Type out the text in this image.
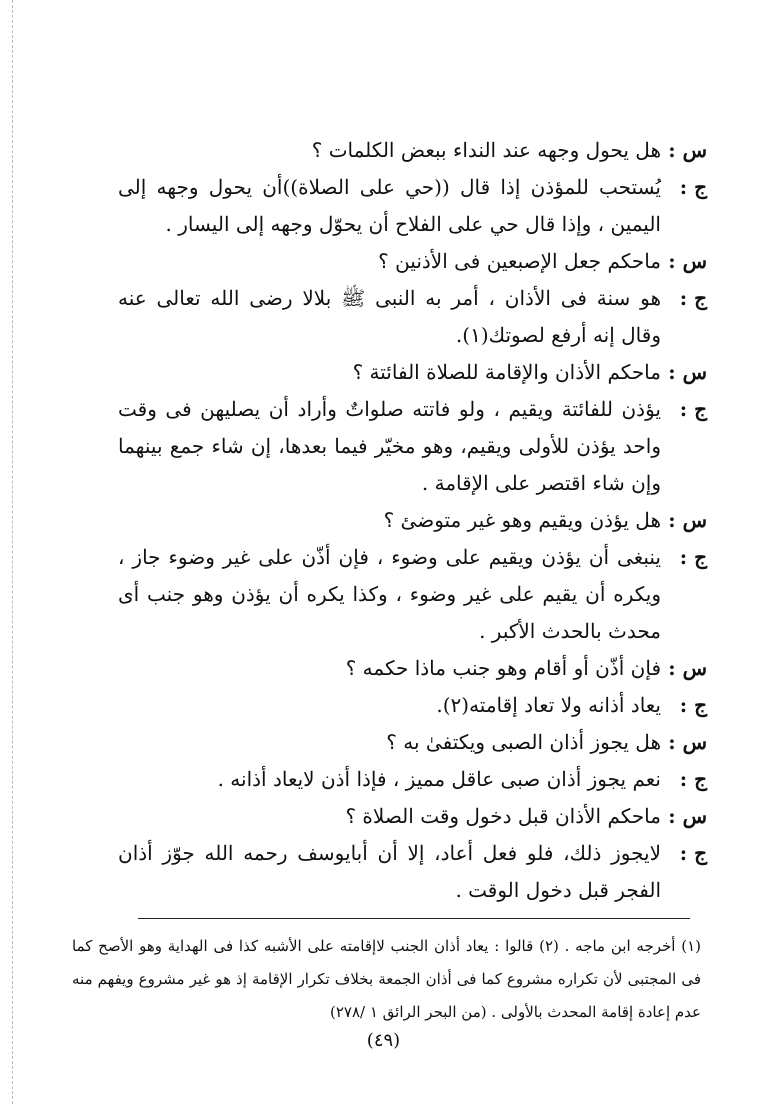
س :
هل يحول وجهه عند النداء ببعض الكلمات ؟
ج :
يُستحب للمؤذن إذا قال ((حي على الصلاة))أن يحول وجهه إلى اليمين ، وإذا قال حي على الفلاح أن يحوّل وجهه إلى اليسار .
س :
ماحكم جعل الإصبعين فى الأذنين ؟
ج :
هو سنة فى الأذان ، أمر به النبى ﷺ بلالا رضى الله تعالى عنه وقال إنه أرفع لصوتك(١).
س :
ماحكم الأذان والإقامة للصلاة الفائتة ؟
ج :
يؤذن للفائتة ويقيم ، ولو فاتته صلواتٌ وأراد أن يصليهن فى وقت واحد يؤذن للأولى ويقيم، وهو مخيّر فيما بعدها، إن شاء جمع بينهما وإن شاء اقتصر على الإقامة .
س :
هل يؤذن ويقيم وهو غير متوضئ ؟
ج :
ينبغى أن يؤذن ويقيم على وضوء ، فإن أذّن على غير وضوء جاز ، ويكره أن يقيم على غير وضوء ، وكذا يكره أن يؤذن وهو جنب أى محدث بالحدث الأكبر .
س :
فإن أذّن أو أقام وهو جنب ماذا حكمه ؟
ج :
يعاد أذانه ولا تعاد إقامته(٢).
س :
هل يجوز أذان الصبى ويكتفىٰ به ؟
ج :
نعم يجوز أذان صبى عاقل مميز ، فإذا أذن لايعاد أذانه .
س :
ماحكم الأذان قبل دخول وقت الصلاة ؟
ج :
لايجوز ذلك، فلو فعل أعاد، إلا أن أبايوسف رحمه الله جوّز أذان الفجر قبل دخول الوقت .
(١) أخرجه ابن ماجه . (٢) قالوا : يعاد أذان الجنب لاإقامته على الأشبه كذا فى الهداية وهو الأصح كما فى المجتبى لأن تكراره مشروع كما فى أذان الجمعة بخلاف تكرار الإقامة إذ هو غير مشروع ويفهم منه عدم إعادة إقامة المحدث بالأولى . (من البحر الرائق ١ /٢٧٨)
(٤٩)
